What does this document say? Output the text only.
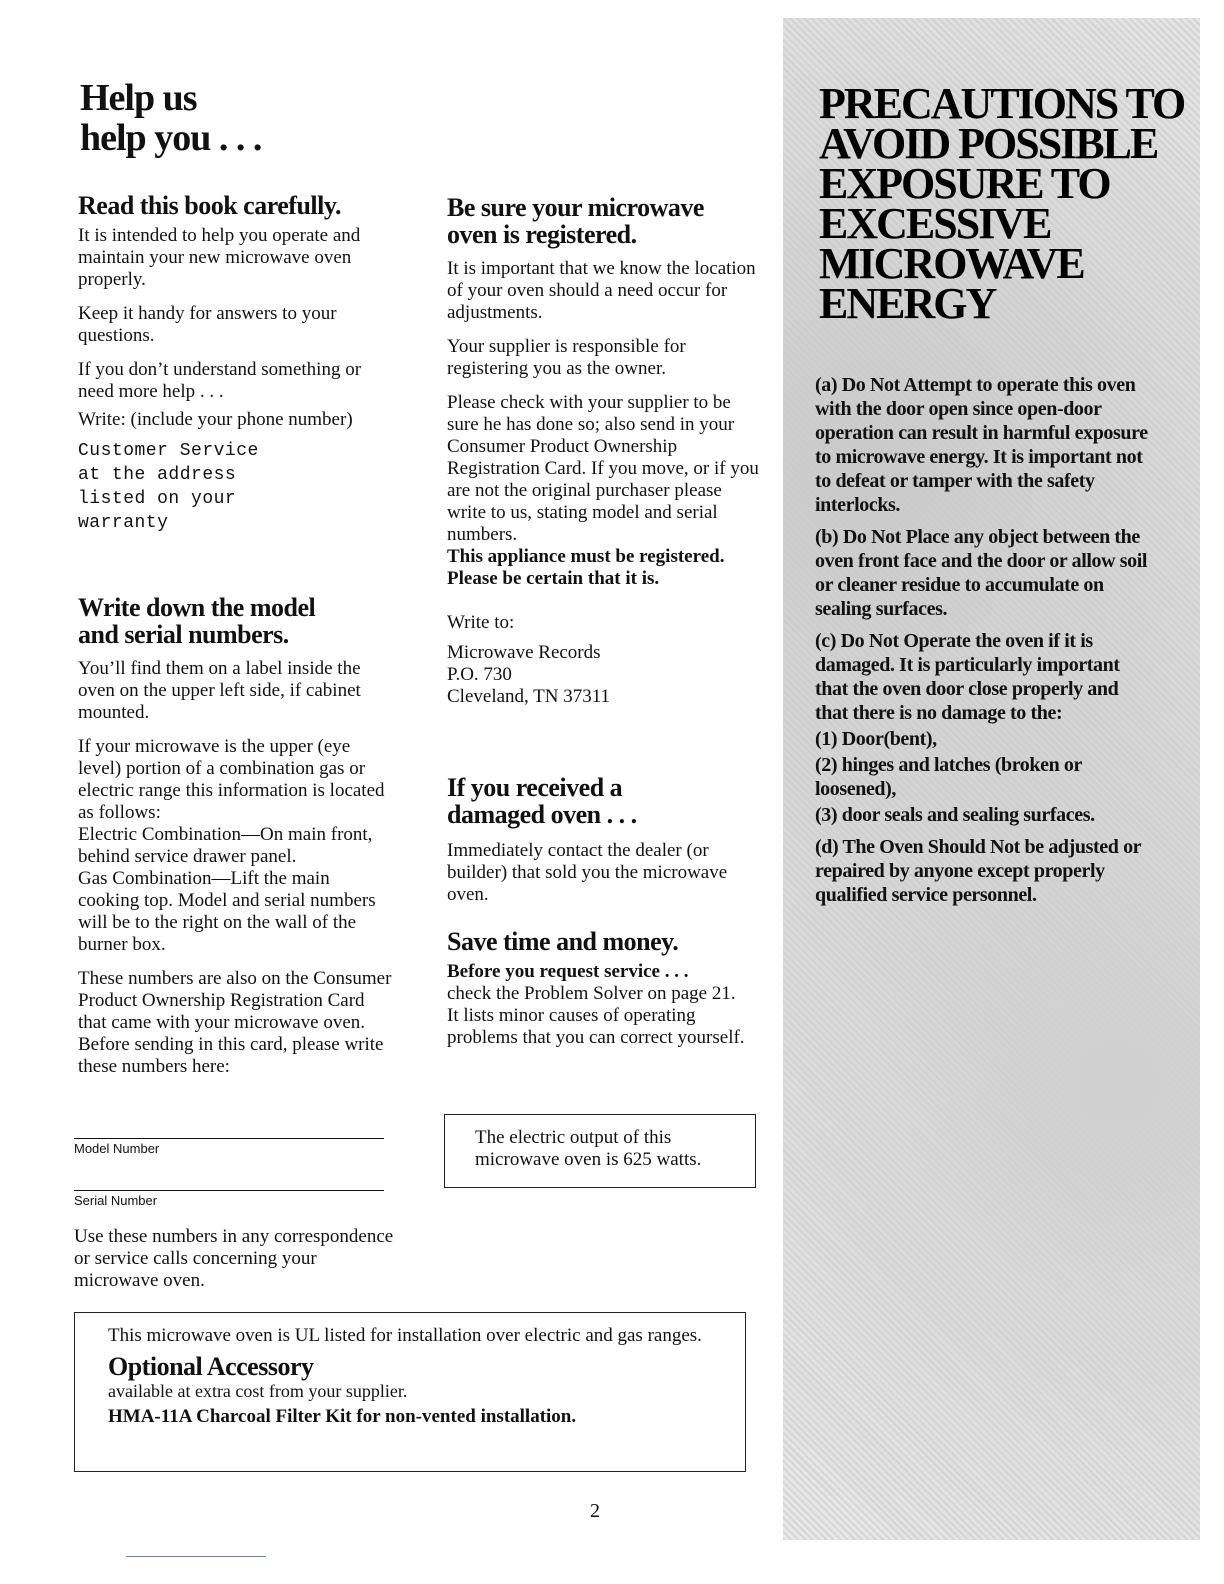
Help us
help you . . .
Read this book carefully.

It is intended to help you operate and maintain your new microwave oven properly.

Keep it handy for answers to your questions.

If you don’t understand something or need more help . . .

Write: (include your phone number)

Customer Service

at the address

listed on your

warranty

Write down the model
and serial numbers.

You’ll find them on a label inside the oven on the upper left side, if cabinet mounted.

If your microwave is the upper (eye level) portion of a combination gas or electric range this information is located as follows:

Electric Combination—On main front, behind service drawer panel.

Gas Combination—Lift the main cooking top. Model and serial numbers will be to the right on the wall of the burner box.

These numbers are also on the Consumer Product Ownership Registration Card that came with your microwave oven. Before sending in this card, please write these numbers here:

Model Number
Serial Number

Use these numbers in any correspondence or service calls concerning your microwave oven.

Be sure your microwave
oven is registered.

It is important that we know the location of your oven should a need occur for adjustments.

Your supplier is responsible for registering you as the owner.

Please check with your supplier to be sure he has done so; also send in your Consumer Product Ownership Registration Card. If you move, or if you are not the original purchaser please write to us, stating model and serial numbers.

This appliance must be registered. Please be certain that it is.

Write to:

Microwave Records

P.O. 730

Cleveland, TN 37311

If you received a
damaged oven . . .

Immediately contact the dealer (or builder) that sold you the microwave oven.

Save time and money.

Before you request service . . .

check the Problem Solver on page 21. It lists minor causes of operating problems that you can correct yourself.

The electric output of this microwave oven is 625 watts.

This microwave oven is UL listed for installation over electric and gas ranges.

Optional Accessory

available at extra cost from your supplier.

HMA-11A Charcoal Filter Kit for non-vented installation.

PRECAUTIONS TO AVOID POSSIBLE EXPOSURE TO EXCESSIVE MICROWAVE ENERGY
(a) Do Not Attempt to operate this oven with the door open since open-door operation can result in harmful exposure to microwave energy. It is important not to defeat or tamper with the safety interlocks.
(b) Do Not Place any object between the oven front face and the door or allow soil or cleaner residue to accumulate on sealing surfaces.
(c) Do Not Operate the oven if it is damaged. It is particularly important that the oven door close properly and that there is no damage to the:
(1) Door(bent),
(2) hinges and latches (broken or loosened),
(3) door seals and sealing surfaces.
(d) The Oven Should Not be adjusted or repaired by anyone except properly qualified service personnel.
2
